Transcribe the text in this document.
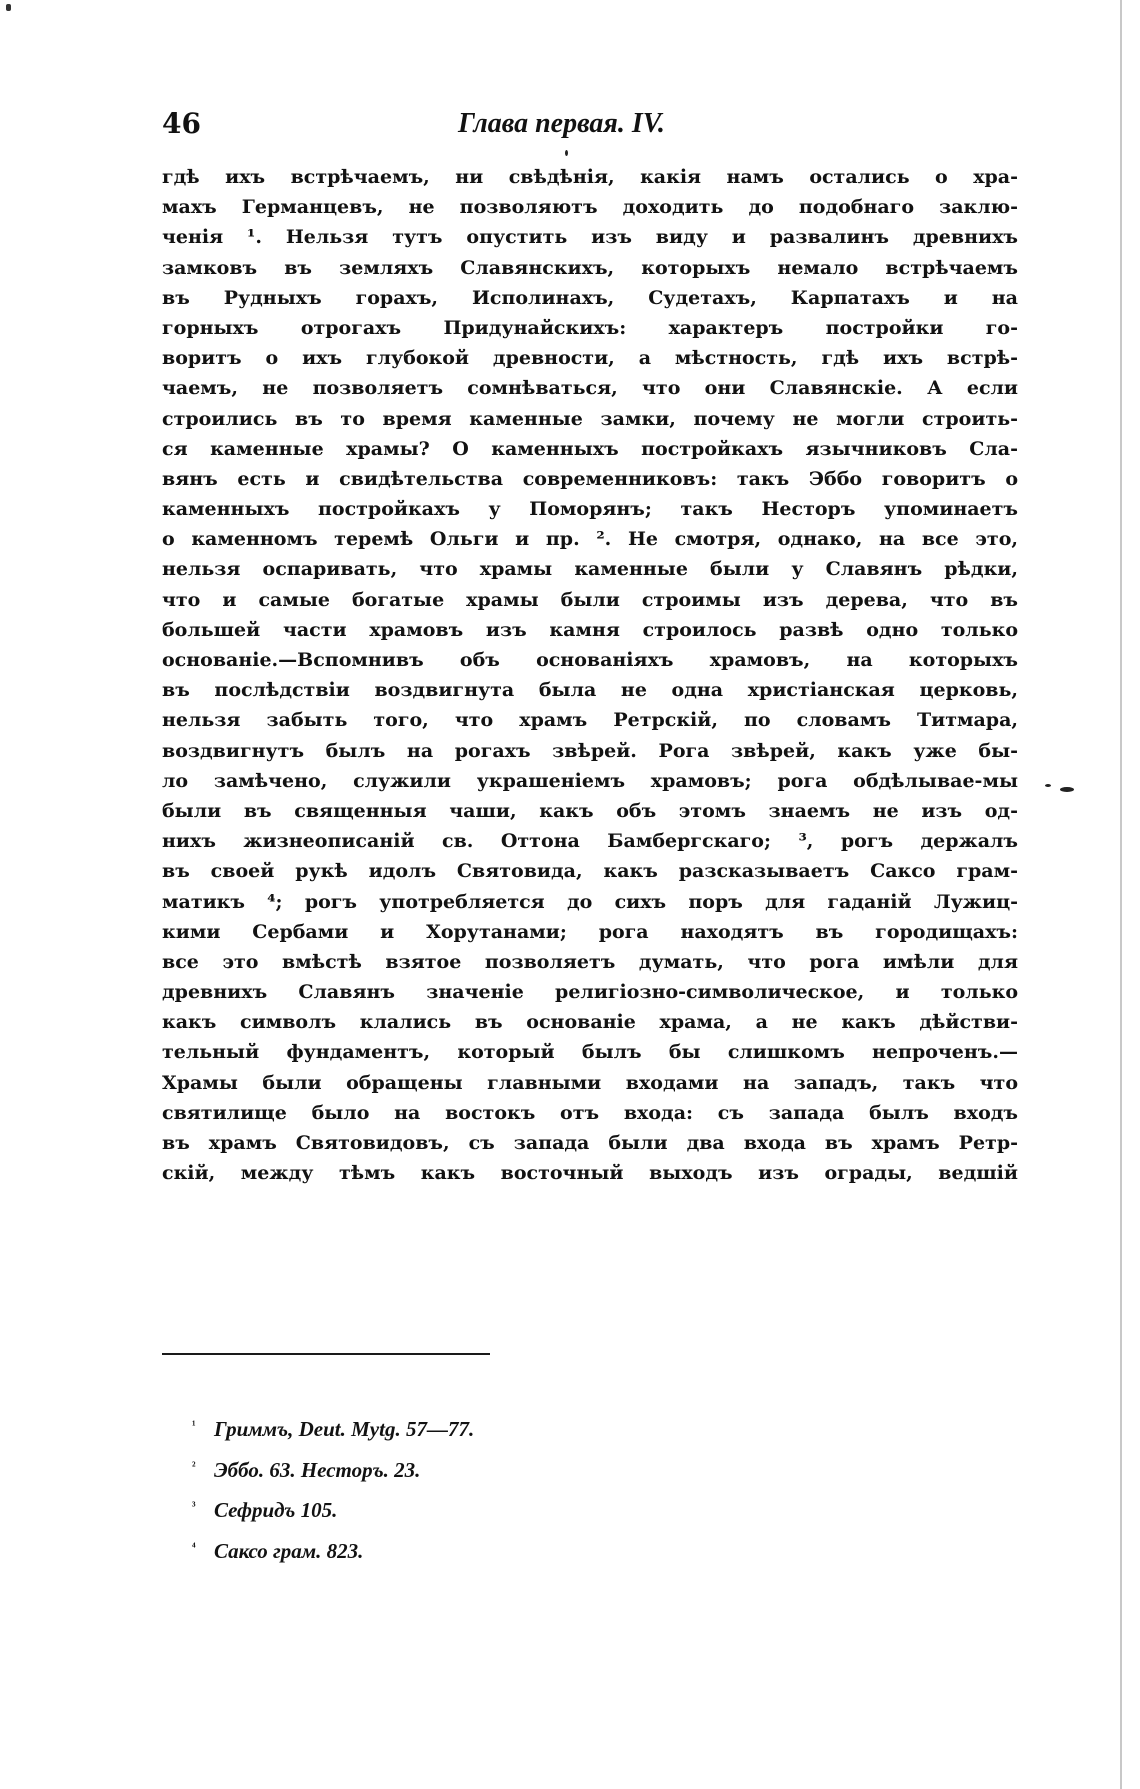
46	Глава первая. IV.
гдѣ ихъ встрѣчаемъ, ни свѣдѣнія, какія намъ остались о хра-
махъ Германцевъ, не позволяютъ доходить до подобнаго заклю-
ченія ¹. Нельзя тутъ опустить изъ виду и развалинъ древнихъ
замковъ въ земляхъ Славянскихъ, которыхъ немало встрѣчаемъ
въ Рудныхъ горахъ, Исполинахъ, Судетахъ, Карпатахъ и на
горныхъ отрогахъ Придунайскихъ: характеръ постройки го-
воритъ о ихъ глубокой древности, а мѣстность, гдѣ ихъ встрѣ-
чаемъ, не позволяетъ сомнѣваться, что они Славянскіе. А если
строились въ то время каменные замки, почему не могли строить-
ся каменные храмы? О каменныхъ постройкахъ язычниковъ Сла-
вянъ есть и свидѣтельства современниковъ: такъ Эббо говоритъ о
каменныхъ постройкахъ у Поморянъ; такъ Несторъ упоминаетъ
о каменномъ теремѣ Ольги и пр. ². Не смотря, однако, на все это,
нельзя оспаривать, что храмы каменные были у Славянъ рѣдки,
что и самые богатые храмы были строимы изъ дерева, что въ
большей части храмовъ изъ камня строилось развѣ одно только
основаніе.—Вспомнивъ объ основаніяхъ храмовъ, на которыхъ
въ послѣдствіи воздвигнута была не одна христіанская церковь,
нельзя забыть того, что храмъ Ретрскій, по словамъ Титмара,
воздвигнутъ былъ на рогахъ звѣрей. Рога звѣрей, какъ уже бы-
ло замѣчено, служили украшеніемъ храмовъ; рога обдѣлывае-мы
были въ священныя чаши, какъ объ этомъ знаемъ не изъ од-
нихъ жизнеописаній св. Оттона Бамбергскаго; ³, рогъ держалъ
въ своей рукѣ идолъ Святовида, какъ разсказываетъ Саксо грам-
матикъ ⁴; рогъ употребляется до сихъ поръ для гаданій Лужиц-
кими Сербами и Хорутанами; рога находятъ въ городищахъ:
все это вмѣстѣ взятое позволяетъ думать, что рога имѣли для
древнихъ Славянъ значеніе религіозно-символическое, и только
какъ символъ клались въ основаніе храма, а не какъ дѣйстви-
тельный фундаментъ, который былъ бы слишкомъ непроченъ.—
Храмы были обращены главными входами на западъ, такъ что
святилище было на востокъ отъ входа: съ запада былъ входъ
въ храмъ Святовидовъ, съ запада были два входа въ храмъ Ретр-
скій, между тѣмъ какъ восточный выходъ изъ ограды, ведшій
¹ Гриммъ, Deut. Mytg. 57—77.
² Эббо. 63. Несторъ. 23.
³ Сефридъ 105.
⁴ Саксо грам. 823.
